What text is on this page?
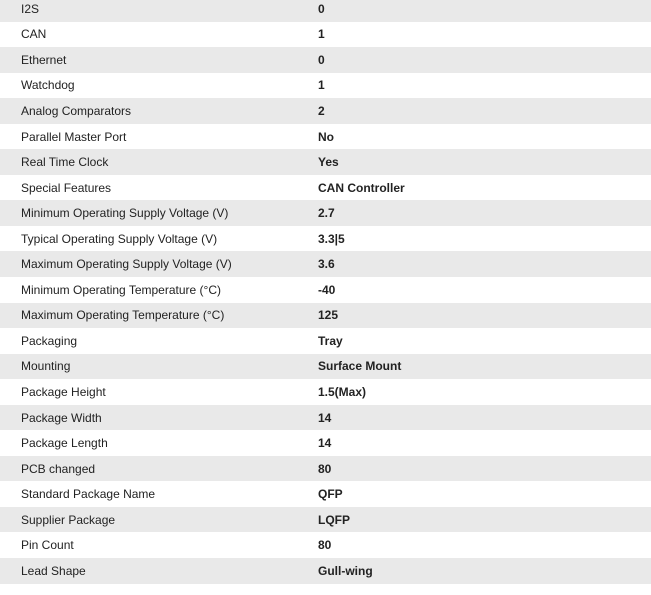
I2S	0
CAN	1
Ethernet	0
Watchdog	1
Analog Comparators	2
Parallel Master Port	No
Real Time Clock	Yes
Special Features	CAN Controller
Minimum Operating Supply Voltage (V)	2.7
Typical Operating Supply Voltage (V)	3.3|5
Maximum Operating Supply Voltage (V)	3.6
Minimum Operating Temperature (°C)	-40
Maximum Operating Temperature (°C)	125
Packaging	Tray
Mounting	Surface Mount
Package Height	1.5(Max)
Package Width	14
Package Length	14
PCB changed	80
Standard Package Name	QFP
Supplier Package	LQFP
Pin Count	80
Lead Shape	Gull-wing
